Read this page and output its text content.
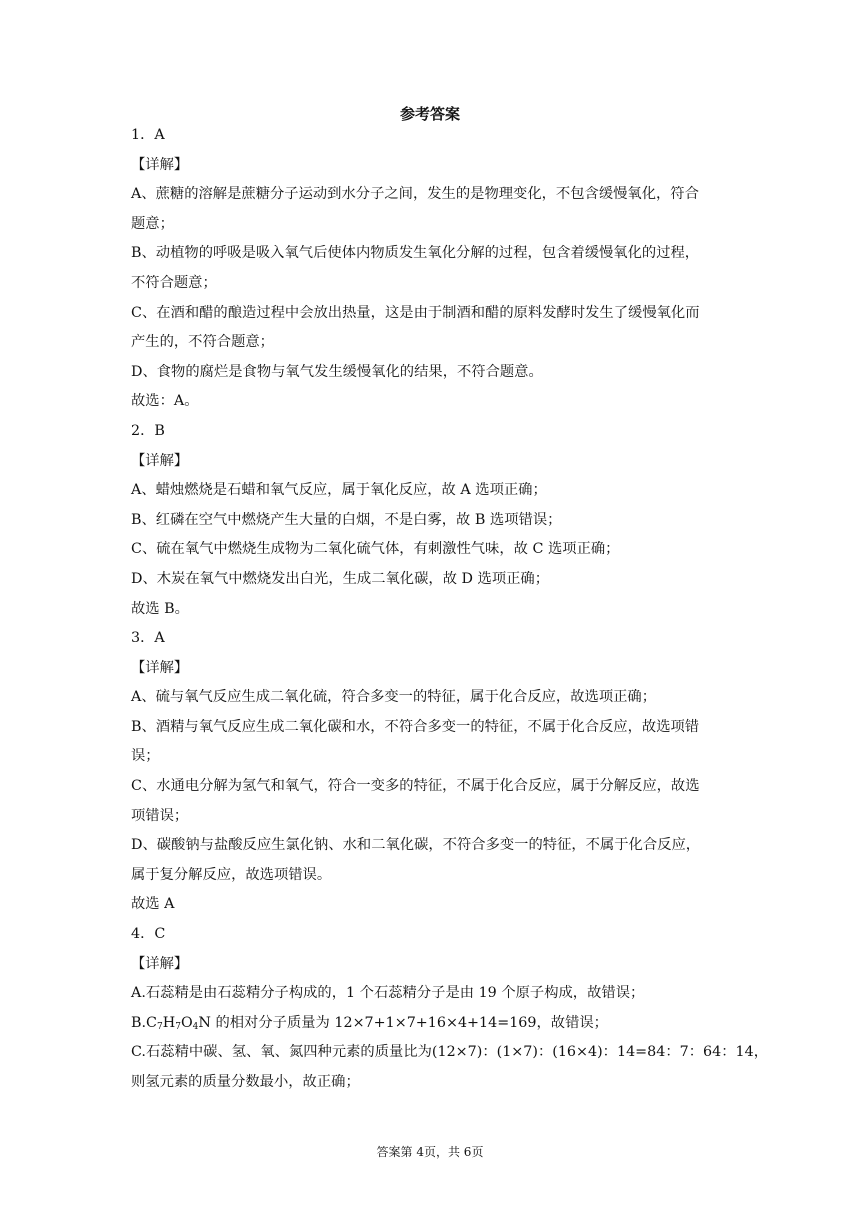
参考答案
1．A
【详解】
A、蔗糖的溶解是蔗糖分子运动到水分子之间，发生的是物理变化，不包含缓慢氧化，符合
题意；
B、动植物的呼吸是吸入氧气后使体内物质发生氧化分解的过程，包含着缓慢氧化的过程，
不符合题意；
C、在酒和醋的酿造过程中会放出热量，这是由于制酒和醋的原料发酵时发生了缓慢氧化而
产生的，不符合题意；
D、食物的腐烂是食物与氧气发生缓慢氧化的结果，不符合题意。
故选：A。
2．B
【详解】
A、蜡烛燃烧是石蜡和氧气反应，属于氧化反应，故 A 选项正确；
B、红磷在空气中燃烧产生大量的白烟，不是白雾，故 B 选项错误；
C、硫在氧气中燃烧生成物为二氧化硫气体，有刺激性气味，故 C 选项正确；
D、木炭在氧气中燃烧发出白光，生成二氧化碳，故 D 选项正确；
故选 B。
3．A
【详解】
A、硫与氧气反应生成二氧化硫，符合多变一的特征，属于化合反应，故选项正确；
B、酒精与氧气反应生成二氧化碳和水，不符合多变一的特征，不属于化合反应，故选项错
误；
C、水通电分解为氢气和氧气，符合一变多的特征，不属于化合反应，属于分解反应，故选
项错误；
D、碳酸钠与盐酸反应生氯化钠、水和二氧化碳，不符合多变一的特征，不属于化合反应，
属于复分解反应，故选项错误。
故选 A
4．C
【详解】
A.石蕊精是由石蕊精分子构成的，1 个石蕊精分子是由 19 个原子构成，故错误；
$B.C_7H_7O_4N$ 的相对分子质量为 12×7+1×7+16×4+14=169，故错误；
C.石蕊精中碳、氢、氧、氮四种元素的质量比为(12×7)：(1×7)：(16×4)：14=84：7：64：14，
则氢元素的质量分数最小，故正确；
答案第 4页，共 6页
